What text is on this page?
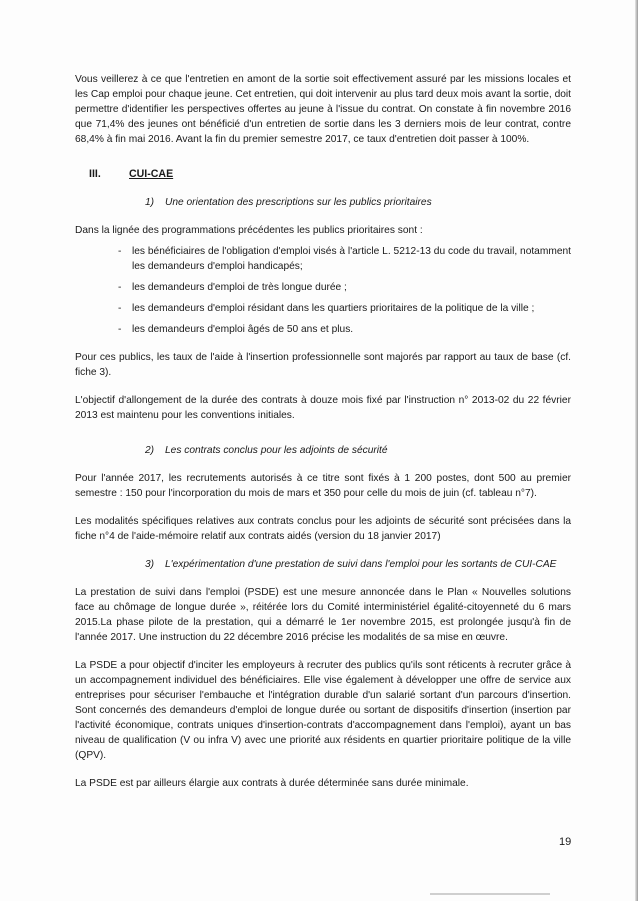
Vous veillerez à ce que l'entretien en amont de la sortie soit effectivement assuré par les missions locales et les Cap emploi pour chaque jeune. Cet entretien, qui doit intervenir au plus tard deux mois avant la sortie, doit permettre d'identifier les perspectives offertes au jeune à l'issue du contrat. On constate à fin novembre 2016 que 71,4% des jeunes ont bénéficié d'un entretien de sortie dans les 3 derniers mois de leur contrat, contre 68,4% à fin mai 2016. Avant la fin du premier semestre 2017, ce taux d'entretien doit passer à 100%.

III.	CUI-CAE
1)	Une orientation des prescriptions sur les publics prioritaires

Dans la lignée des programmations précédentes les publics prioritaires sont :

-	les bénéficiaires de l'obligation d'emploi visés à l'article L. 5212-13 du code du travail, notamment les demandeurs d'emploi handicapés;
-	les demandeurs d'emploi de très longue durée ;
-	les demandeurs d'emploi résidant dans les quartiers prioritaires de la politique de la ville ;
-	les demandeurs d'emploi âgés de 50 ans et plus.

Pour ces publics, les taux de l'aide à l'insertion professionnelle sont majorés par rapport au taux de base (cf. fiche 3).

L'objectif d'allongement de la durée des contrats à douze mois fixé par l'instruction n° 2013-02 du 22 février 2013 est maintenu pour les conventions initiales.

2)	Les contrats conclus pour les adjoints de sécurité

Pour l'année 2017, les recrutements autorisés à ce titre sont fixés à 1 200 postes, dont 500 au premier semestre : 150 pour l'incorporation du mois de mars et 350 pour celle du mois de juin (cf. tableau n°7).

Les modalités spécifiques relatives aux contrats conclus pour les adjoints de sécurité sont précisées dans la fiche n°4 de l'aide-mémoire relatif aux contrats aidés (version du 18 janvier 2017)

3)	L'expérimentation d'une prestation de suivi dans l'emploi pour les sortants de CUI-CAE

La prestation de suivi dans l'emploi (PSDE) est une mesure annoncée dans le Plan « Nouvelles solutions face au chômage de longue durée », réitérée lors du Comité interministériel égalité-citoyenneté du 6 mars 2015.La phase pilote de la prestation, qui a démarré le 1er novembre 2015, est prolongée jusqu'à fin de l'année 2017. Une instruction du 22 décembre 2016 précise les modalités de sa mise en œuvre.

La PSDE a pour objectif d'inciter les employeurs à recruter des publics qu'ils sont réticents à recruter grâce à un accompagnement individuel des bénéficiaires. Elle vise également à développer une offre de service aux entreprises pour sécuriser l'embauche et l'intégration durable d'un salarié sortant d'un parcours d'insertion. Sont concernés des demandeurs d'emploi de longue durée ou sortant de dispositifs d'insertion (insertion par l'activité économique, contrats uniques d'insertion-contrats d'accompagnement dans l'emploi), ayant un bas niveau de qualification (V ou infra V) avec une priorité aux résidents en quartier prioritaire politique de la ville (QPV).

La PSDE est par ailleurs élargie aux contrats à durée déterminée sans durée minimale.

19
